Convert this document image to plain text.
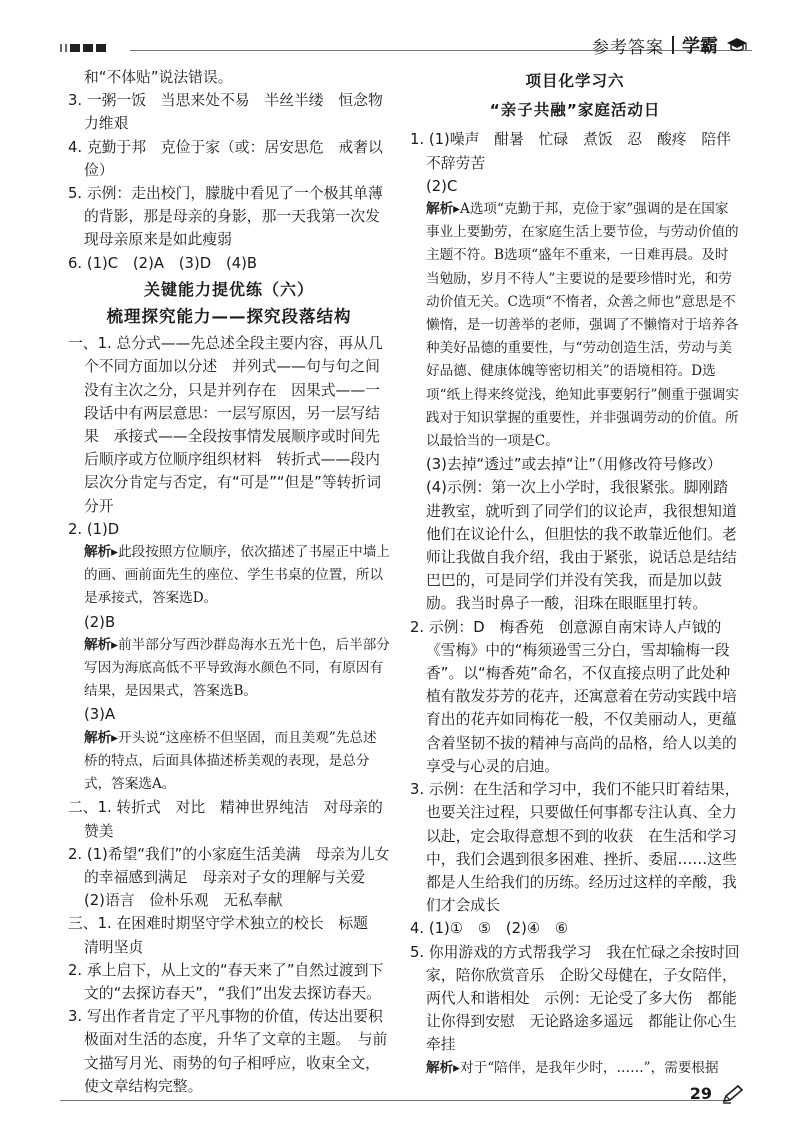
参考答案 学霸

和“不体贴”说法错误。

3. 一粥一饭　当思来处不易　半丝半缕　恒念物力维艰

4. 克勤于邦　克俭于家（或：居安思危　戒奢以俭）

5. 示例：走出校门，朦胧中看见了一个极其单薄的背影，那是母亲的身影，那一天我第一次发现母亲原来是如此瘦弱

6. (1)C　(2)A　(3)D　(4)B

关键能力提优练（六）
梳理探究能力——探究段落结构

一、1. 总分式——先总述全段主要内容，再从几个不同方面加以分述　并列式——句与句之间没有主次之分，只是并列存在　因果式——一段话中有两层意思：一层写原因，另一层写结果　承接式——全段按事情发展顺序或时间先后顺序或方位顺序组织材料　转折式——段内层次分肯定与否定，有“可是”“但是”等转折词分开

2. (1)D

解析▸此段按照方位顺序，依次描述了书屋正中墙上的画、画前面先生的座位、学生书桌的位置，所以是承接式，答案选D。

(2)B

解析▸前半部分写西沙群岛海水五光十色，后半部分写因为海底高低不平导致海水颜色不同，有原因有结果，是因果式，答案选B。

(3)A

解析▸开头说“这座桥不但坚固，而且美观”先总述桥的特点，后面具体描述桥美观的表现，是总分式，答案选A。

二、1. 转折式　对比　精神世界纯洁　对母亲的赞美

2. (1)希望“我们”的小家庭生活美满　母亲为儿女的幸福感到满足　母亲对子女的理解与关爱

(2)语言　俭朴乐观　无私奉献

三、1. 在困难时期坚守学术独立的校长　标题　清明坚贞

2. 承上启下，从上文的“春天来了”自然过渡到下文的“去探访春天”，“我们”出发去探访春天。

3. 写出作者肯定了平凡事物的价值，传达出要积极面对生活的态度，升华了文章的主题。　与前文描写月光、雨势的句子相呼应，收束全文，使文章结构完整。

项目化学习六
“亲子共融”家庭活动日

1. (1)噪声　酣暑　忙碌　煮饭　忍　酸疼　陪伴　不辞劳苦

(2)C

解析▸A选项“克勤于邦，克俭于家”强调的是在国家事业上要勤劳，在家庭生活上要节俭，与劳动价值的主题不符。B选项“盛年不重来，一日难再晨。及时当勉励，岁月不待人”主要说的是要珍惜时光，和劳动价值无关。C选项“不惰者，众善之师也”意思是不懒惰，是一切善举的老师，强调了不懒惰对于培养各种美好品德的重要性，与“劳动创造生活，劳动与美好品德、健康体魄等密切相关”的语境相符。D选项“纸上得来终觉浅，绝知此事要躬行”侧重于强调实践对于知识掌握的重要性，并非强调劳动的价值。所以最恰当的一项是C。

(3)去掉“透过”或去掉“让”（用修改符号修改）

(4)示例：第一次上小学时，我很紧张。脚刚踏进教室，就听到了同学们的议论声，我很想知道他们在议论什么，但胆怯的我不敢靠近他们。老师让我做自我介绍，我由于紧张，说话总是结结巴巴的，可是同学们并没有笑我，而是加以鼓励。我当时鼻子一酸，泪珠在眼眶里打转。

2. 示例：D　梅香苑　创意源自南宋诗人卢钺的《雪梅》中的“梅须逊雪三分白，雪却输梅一段香”。以“梅香苑”命名，不仅直接点明了此处种植有散发芬芳的花卉，还寓意着在劳动实践中培育出的花卉如同梅花一般，不仅美丽动人，更蕴含着坚韧不拔的精神与高尚的品格，给人以美的享受与心灵的启迪。

3. 示例：在生活和学习中，我们不能只盯着结果，也要关注过程，只要做任何事都专注认真、全力以赴，定会取得意想不到的收获　在生活和学习中，我们会遇到很多困难、挫折、委屈……这些都是人生给我们的历练。经历过这样的辛酸，我们才会成长

4. (1)①　⑤　(2)④　⑥

5. 你用游戏的方式帮我学习　我在忙碌之余按时回家，陪你欣赏音乐　企盼父母健在，子女陪伴，两代人和谐相处　示例：无论受了多大伤　都能让你得到安慰　无论路途多遥远　都能让你心生牵挂

解析▸对于“陪伴，是我年少时，……”，需要根据

29
